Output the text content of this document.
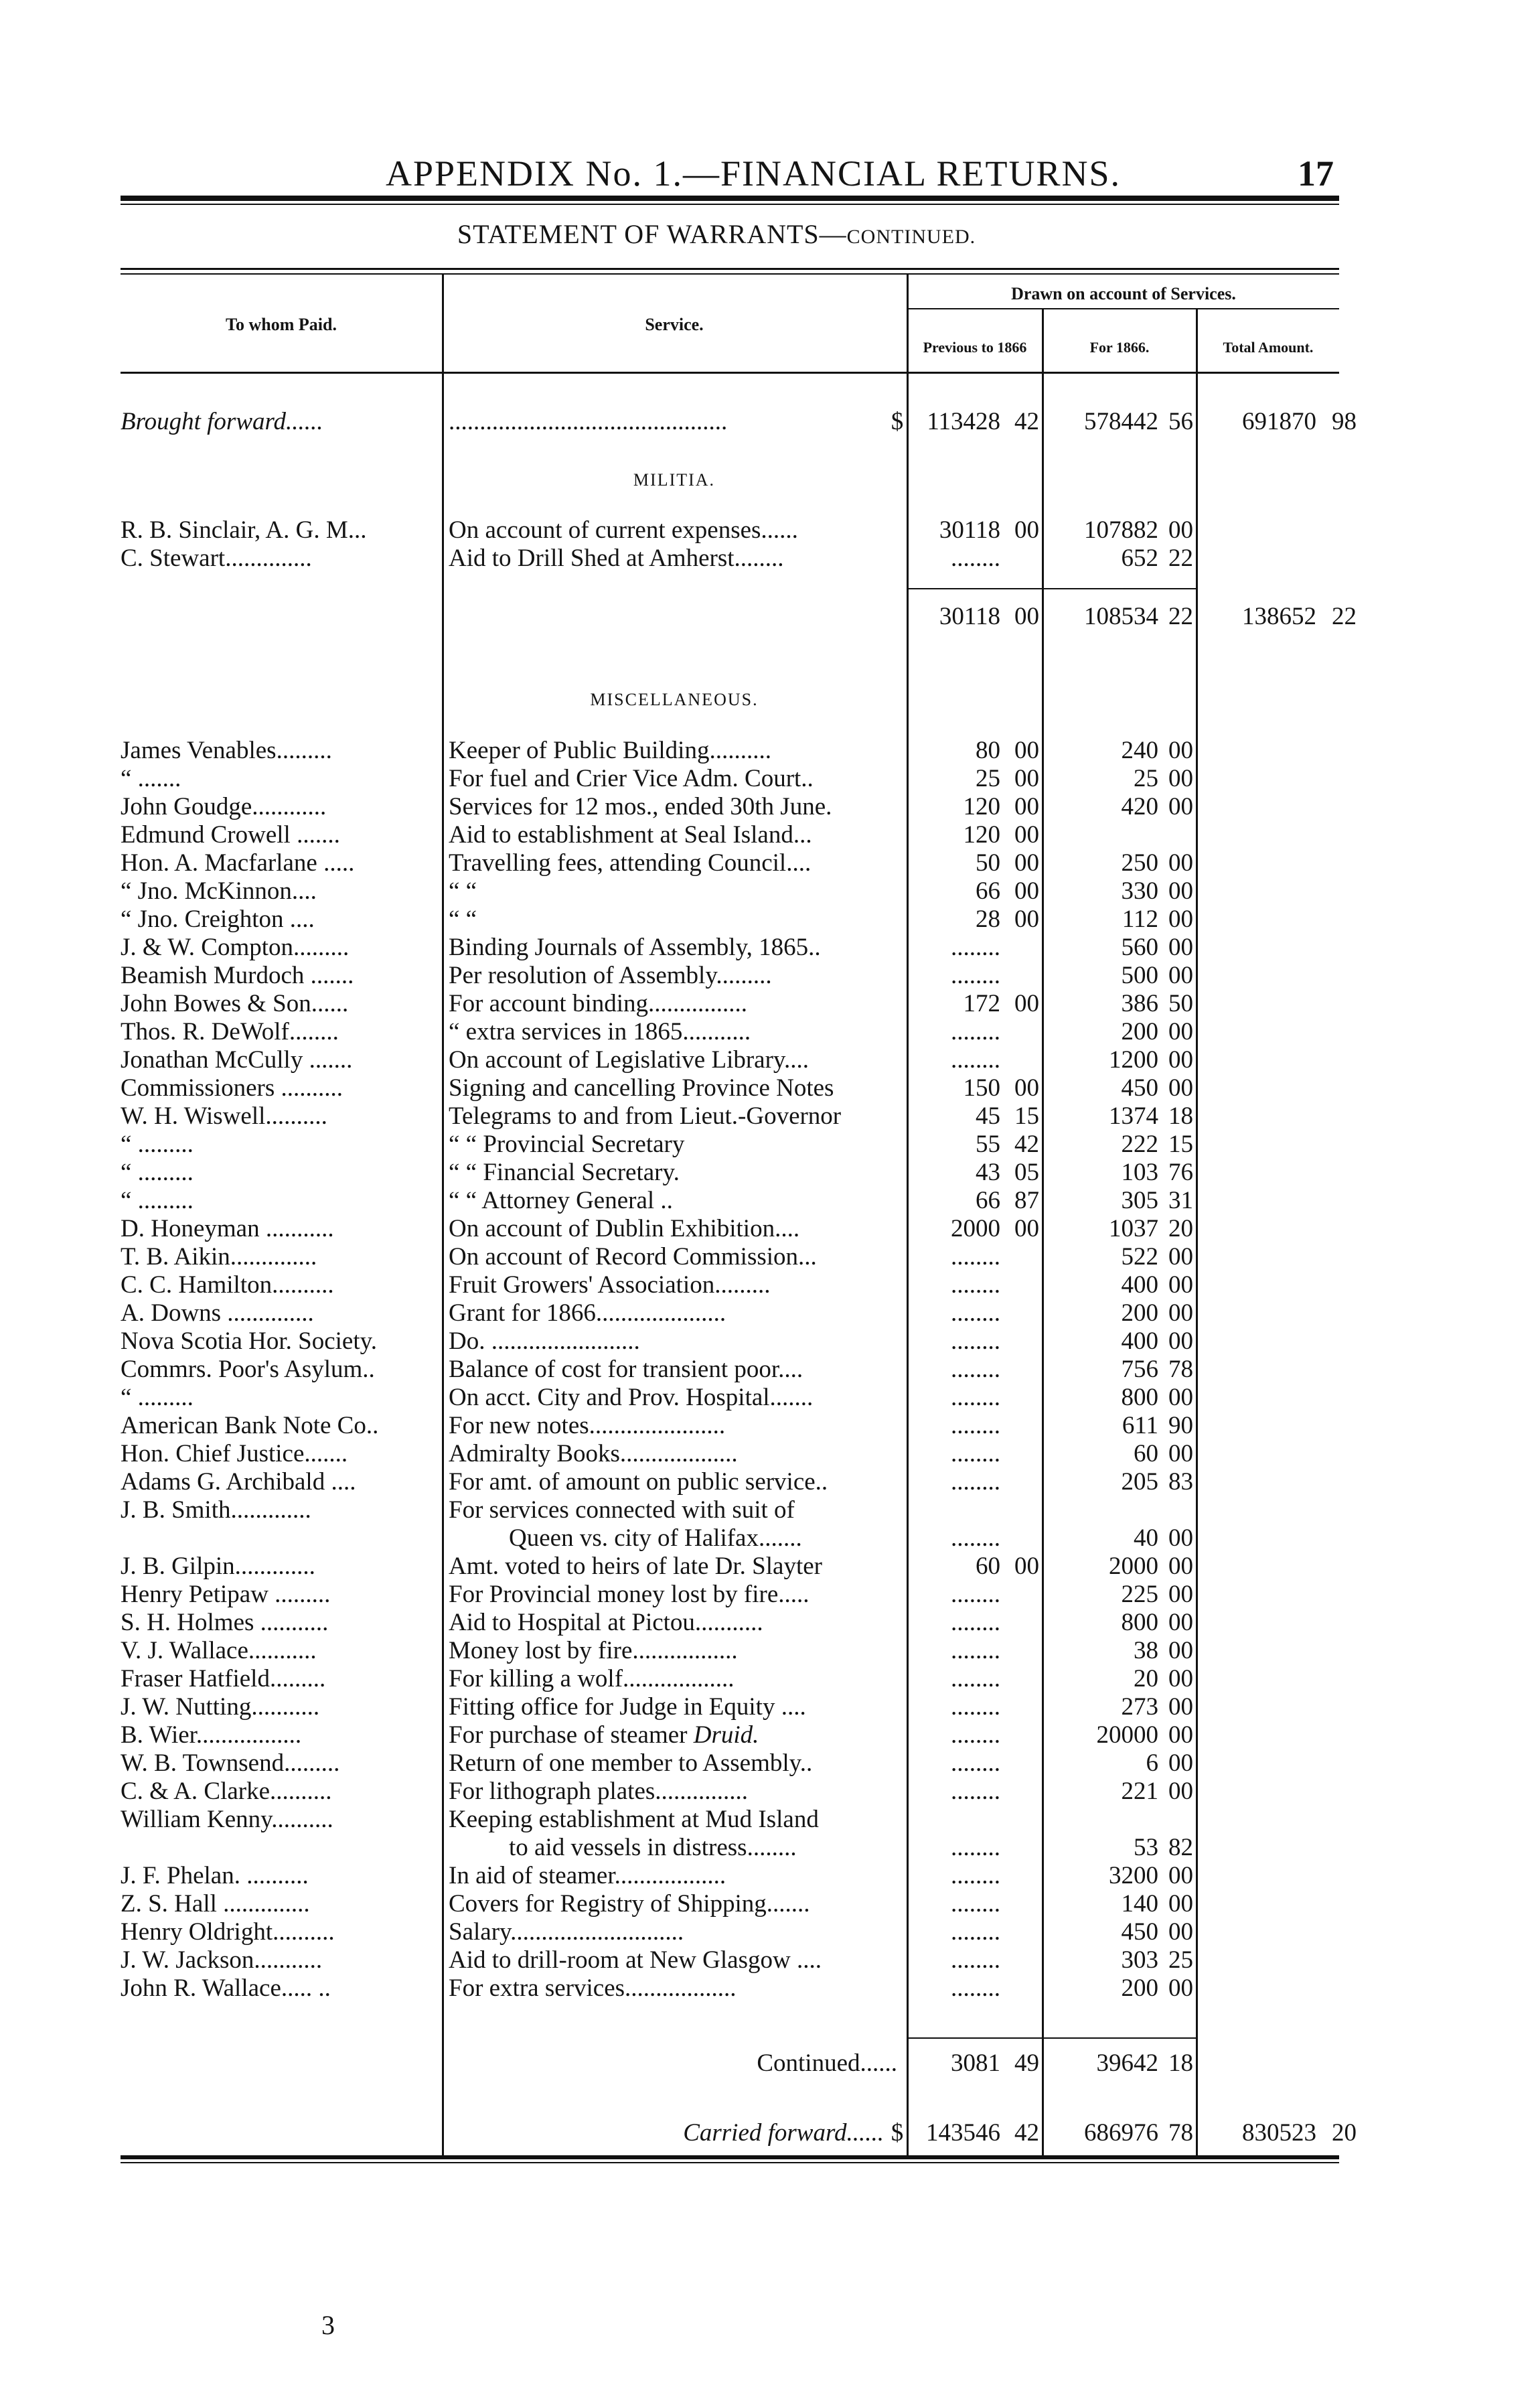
APPENDIX No. 1.—FINANCIAL RETURNS.	17
STATEMENT OF WARRANTS—CONTINUED.
To whom Paid.	Service.
Drawn on account of Services.
Previous to 1866	For 1866.	Total Amount.
Brought forward......	.............................................	$ 113428 42	578442 56	691870 98
MILITIA.
R. B. Sinclair, A. G. M...	On account of current expenses......	30118 00	107882 00
C. Stewart..............	Aid to Drill Shed at Amherst........	........	652 22
30118 00	108534 22	138652 22
MISCELLANEOUS.
James Venables.........	Keeper of Public Building..........	80 00	240 00
“ .......	For fuel and Crier Vice Adm. Court..	25 00	25 00
John Goudge............	Services for 12 mos., ended 30th June.	120 00	420 00
Edmund Crowell .......	Aid to establishment at Seal Island...	120 00
Hon. A. Macfarlane .....	Travelling fees, attending Council....	50 00	250 00
“ Jno. McKinnon....	“ “	66 00	330 00
“ Jno. Creighton ....	“ “	28 00	112 00
J. & W. Compton.........	Binding Journals of Assembly, 1865..	........	560 00
Beamish Murdoch .......	Per resolution of Assembly.........	........	500 00
John Bowes & Son......	For account binding................	172 00	386 50
Thos. R. DeWolf........	“ extra services in 1865...........	........	200 00
Jonathan McCully .......	On account of Legislative Library....	........	1200 00
Commissioners ..........	Signing and cancelling Province Notes	150 00	450 00
W. H. Wiswell..........	Telegrams to and from Lieut.-Governor	45 15	1374 18
“ .........	“ “ Provincial Secretary	55 42	222 15
“ .........	“ “ Financial Secretary.	43 05	103 76
“ .........	“ “ Attorney General ..	66 87	305 31
D. Honeyman ...........	On account of Dublin Exhibition....	2000 00	1037 20
T. B. Aikin..............	On account of Record Commission...	........	522 00
C. C. Hamilton..........	Fruit Growers' Association.........	........	400 00
A. Downs ..............	Grant for 1866.....................	........	200 00
Nova Scotia Hor. Society.	Do. ........................	........	400 00
Commrs. Poor's Asylum..	Balance of cost for transient poor....	........	756 78
“ .........	On acct. City and Prov. Hospital.......	........	800 00
American Bank Note Co..	For new notes......................	........	611 90
Hon. Chief Justice.......	Admiralty Books...................	........	60 00
Adams G. Archibald ....	For amt. of amount on public service..	........	205 83
J. B. Smith.............	For services connected with suit of
Queen vs. city of Halifax.......	........	40 00
J. B. Gilpin.............	Amt. voted to heirs of late Dr. Slayter	60 00	2000 00
Henry Petipaw .........	For Provincial money lost by fire.....	........	225 00
S. H. Holmes ...........	Aid to Hospital at Pictou...........	........	800 00
V. J. Wallace...........	Money lost by fire.................	........	38 00
Fraser Hatfield.........	For killing a wolf..................	........	20 00
J. W. Nutting...........	Fitting office for Judge in Equity ....	........	273 00
B. Wier.................	For purchase of steamer Druid.	........	20000 00
W. B. Townsend.........	Return of one member to Assembly..	........	6 00
C. & A. Clarke..........	For lithograph plates...............	........	221 00
William Kenny..........	Keeping establishment at Mud Island
to aid vessels in distress........	........	53 82
J. F. Phelan. ..........	In aid of steamer..................	........	3200 00
Z. S. Hall ..............	Covers for Registry of Shipping.......	........	140 00
Henry Oldright..........	Salary............................	........	450 00
J. W. Jackson...........	Aid to drill-room at New Glasgow ....	........	303 25
John R. Wallace..... ..	For extra services..................	........	200 00
Continued......	3081 49	39642 18
Carried forward...... $ 143546 42	686976 78	830523 20
3
